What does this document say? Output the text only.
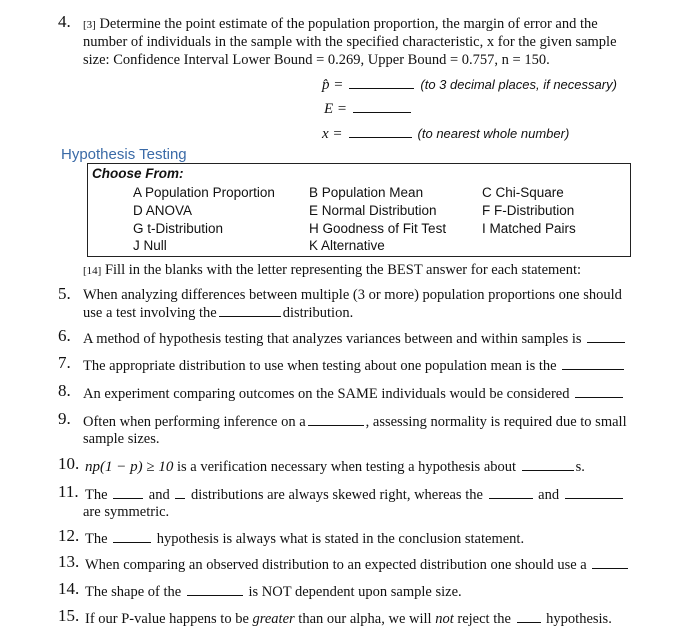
4. [3] Determine the point estimate of the population proportion, the margin of error and the
number of individuals in the sample with the specified characteristic, x for the given sample
size: Confidence Interval Lower Bound = 0.269, Upper Bound = 0.757, n = 150.
p̂ =	(to 3 decimal places, if necessary)
E =
x =	(to nearest whole number)
Hypothesis Testing
Choose From:
A Population Proportion	B Population Mean	C Chi-Square
D ANOVA	E Normal Distribution	F F-Distribution
G t-Distribution	H Goodness of Fit Test	I Matched Pairs
J Null	K Alternative
[14] Fill in the blanks with the letter representing the BEST answer for each statement:
5. When analyzing differences between multiple (3 or more) population proportions one should
use a test involving the	distribution.
6. A method of hypothesis testing that analyzes variances between and within samples is
7. The appropriate distribution to use when testing about one population mean is the
8. An experiment comparing outcomes on the SAME individuals would be considered
9. Often when performing inference on a	, assessing normality is required due to small
sample sizes.
10. np(1 − p) ≥ 10 is a verification necessary when testing a hypothesis about	s.
11. The	and distributions are always skewed right, whereas the	and
are symmetric.
12. The	hypothesis is always what is stated in the conclusion statement.
13. When comparing an observed distribution to an expected distribution one should use a
14. The shape of the	is NOT dependent upon sample size.
15. If our P-value happens to be greater than our alpha, we will not reject the hypothesis.
